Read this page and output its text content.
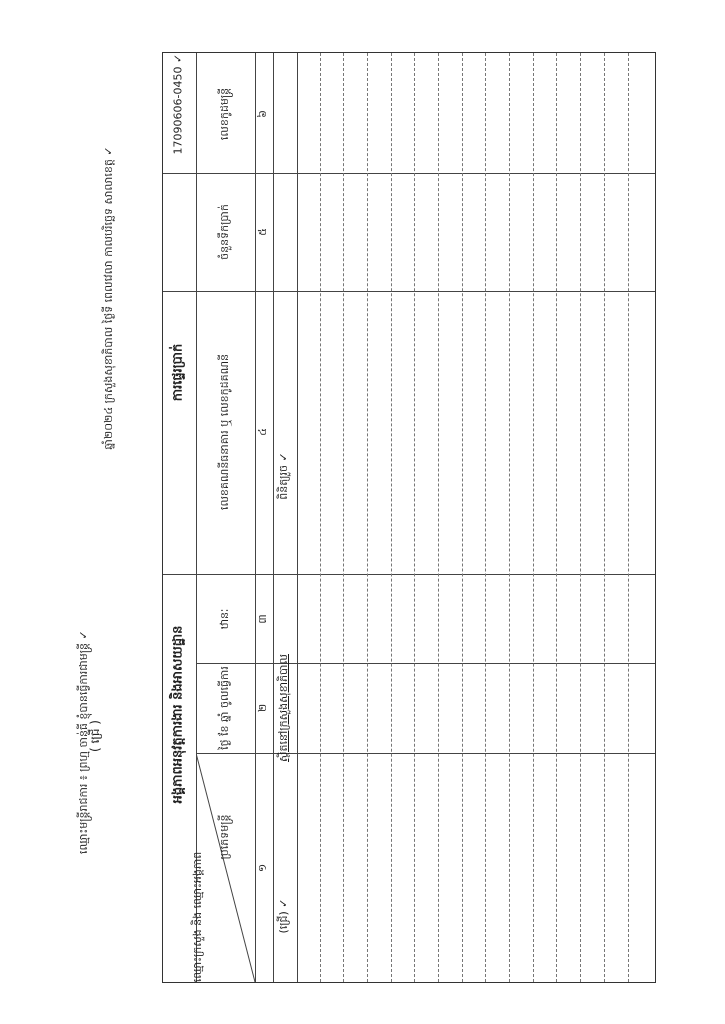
ឈ្មោះមន្ត្រីរាជការ ៖ ព្រហ្ម ចាន់ធី ខ្ញុំបានធ្វើការជាមន្ត្រី ✓
( ជ្រើ )
ឆ្នាំ២០២៤ ក្រសួងសុខាភិបាល ថ្ងៃទី ពេលវេលា កាលបរិច្ឆេទ សាលាខេត្ត ✓
17090606-0450 ✓
អង្គភាពអនុវត្តការងារ និងអាសយដ្ឋាន
ការផ្ទេរប្រាក់
ឈ្មោះក្រសួង និង ឈ្មោះអង្គភាព
ប្រភេទមន្ត្រី
ថ្ងៃ ខែ ឆ្នាំ ចូលធ្វើការ
ឋានៈ
លេខគណនីធនាគារ ឬ លេខកូដគណនី
ចំនួនទឹកប្រាក់
លេខកូដមន្ត្រី
១
២
៣
៤
៥
៦
(ជ្រើ) ✓
ស្ថិតនៅក្រសួងសុខាភិបាល
ពិនិត្យរួច ✓
